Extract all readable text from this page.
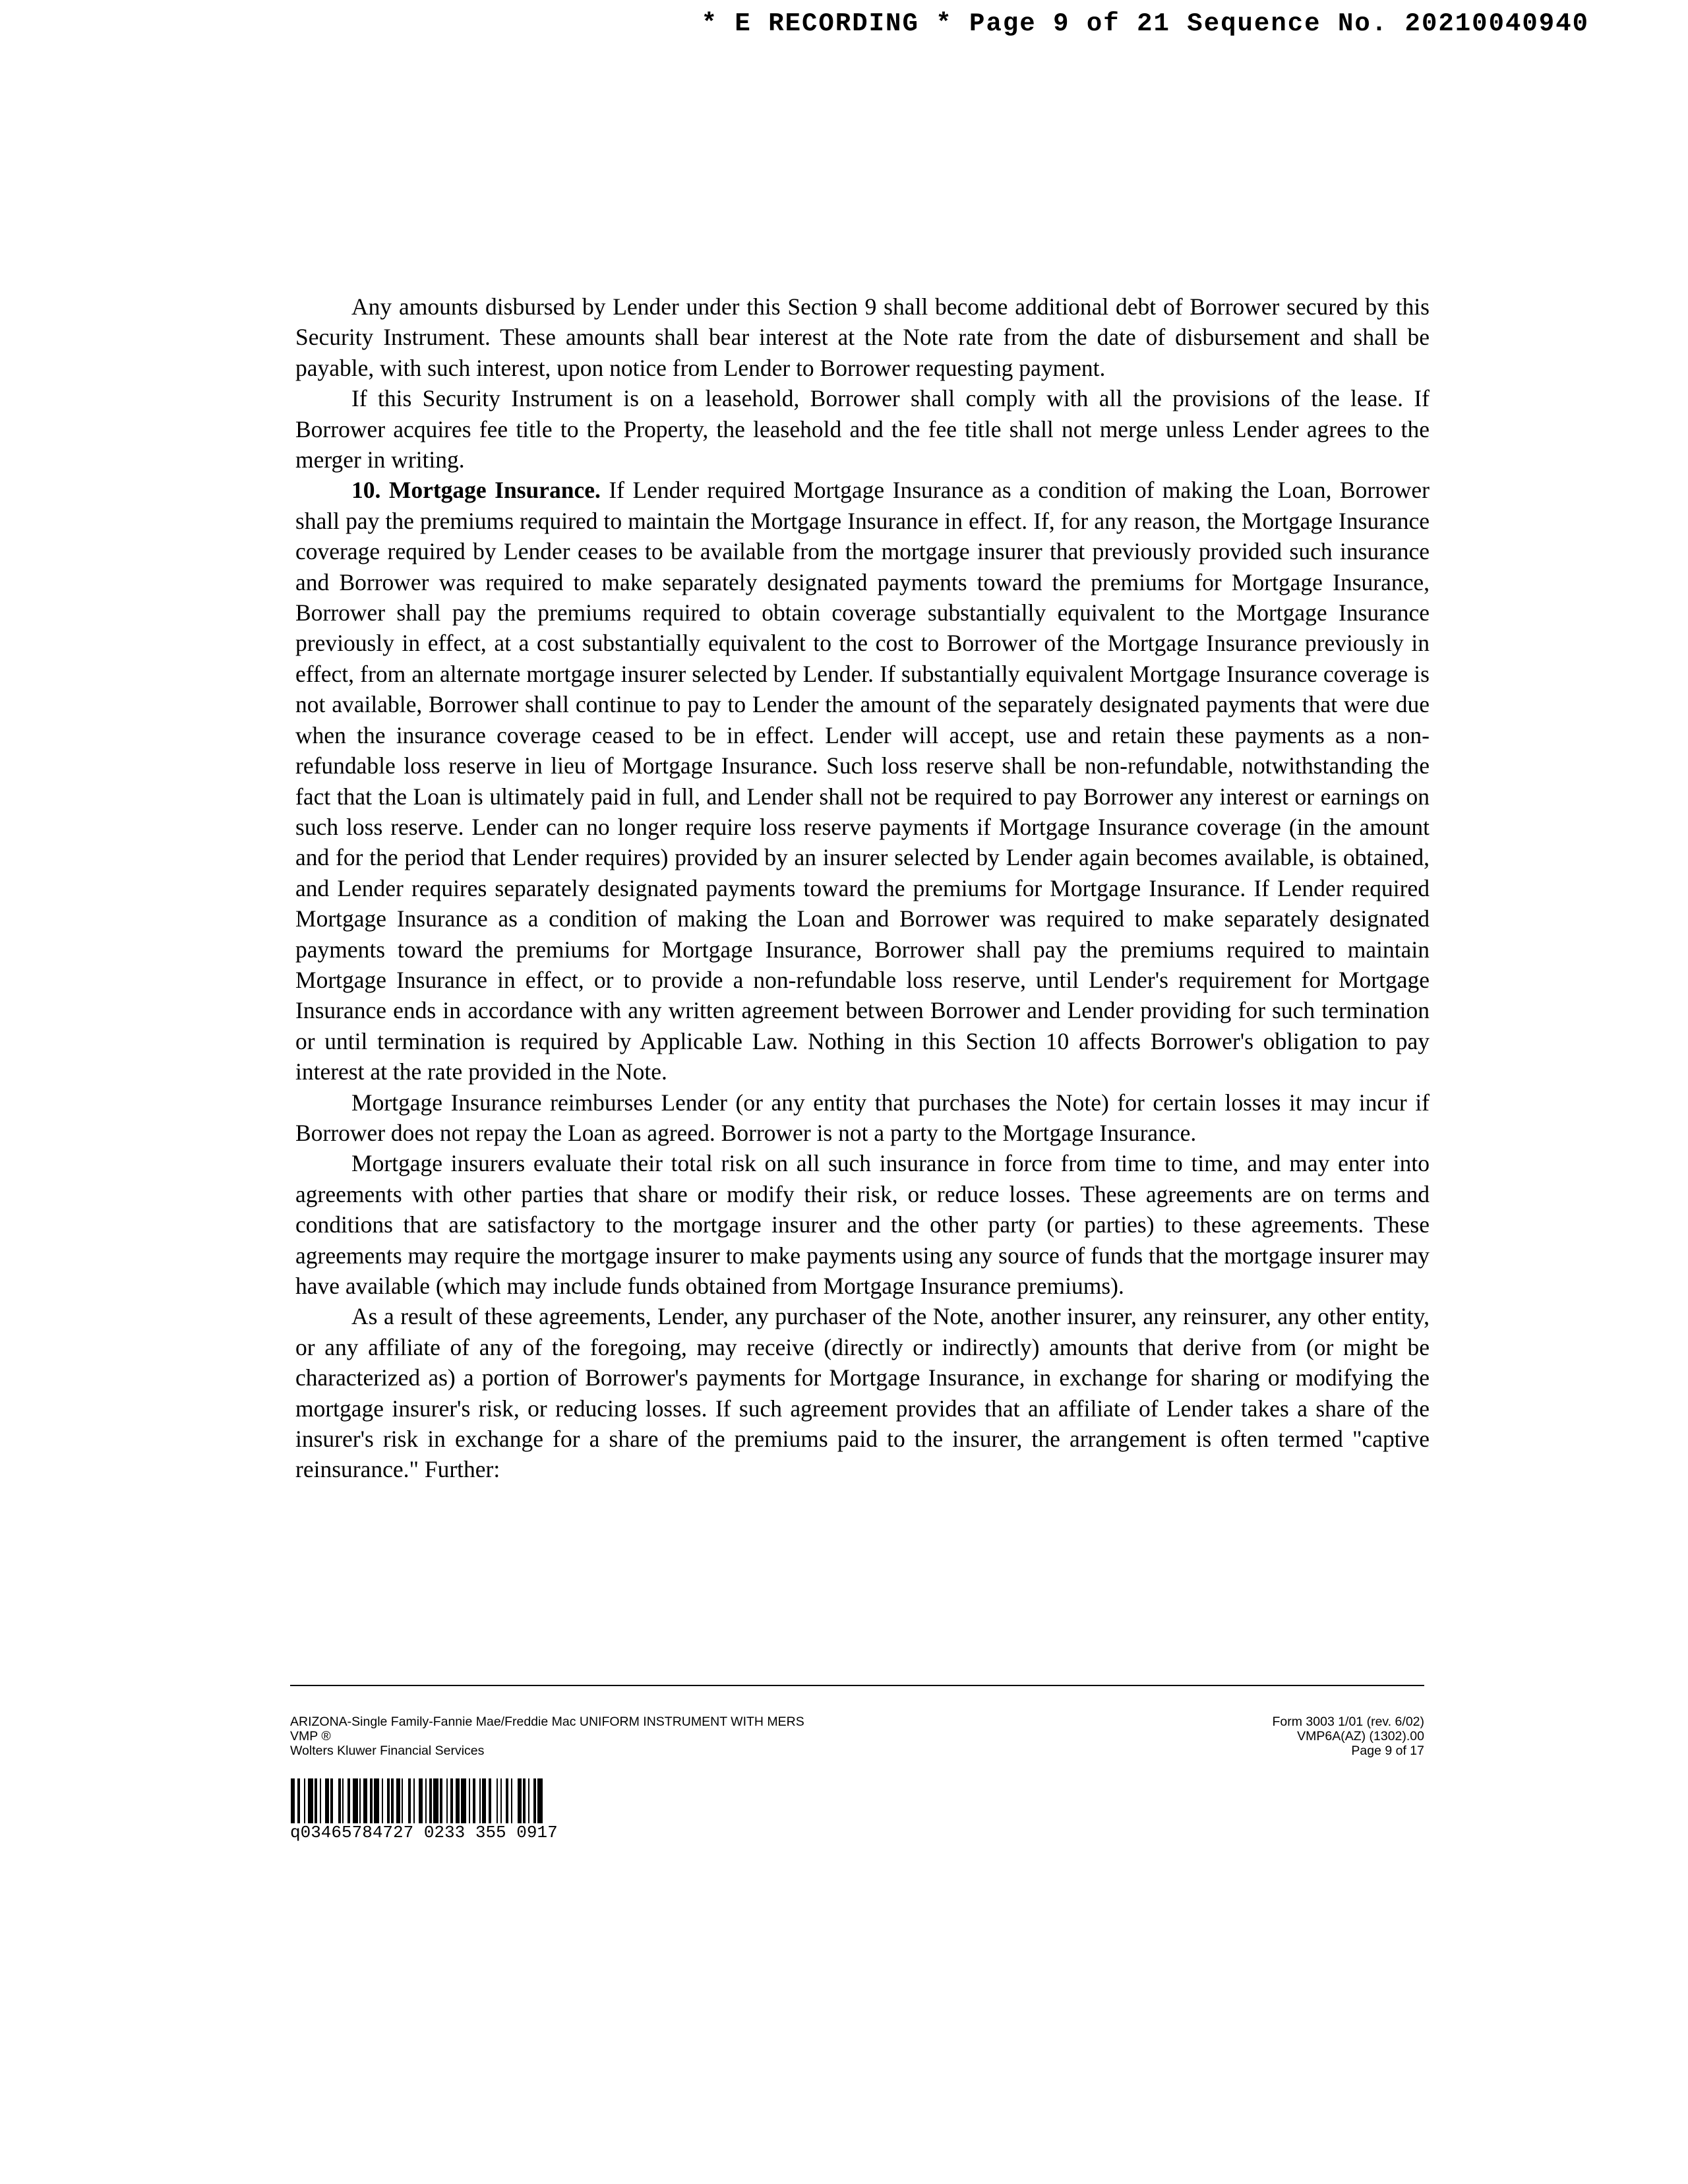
* E RECORDING * Page 9 of 21 Sequence No. 20210040940

Any amounts disbursed by Lender under this Section 9 shall become additional debt of Borrower secured by this Security Instrument. These amounts shall bear interest at the Note rate from the date of disbursement and shall be payable, with such interest, upon notice from Lender to Borrower requesting payment.

If this Security Instrument is on a leasehold, Borrower shall comply with all the provisions of the lease. If Borrower acquires fee title to the Property, the leasehold and the fee title shall not merge unless Lender agrees to the merger in writing.

10. Mortgage Insurance. If Lender required Mortgage Insurance as a condition of making the Loan, Borrower shall pay the premiums required to maintain the Mortgage Insurance in effect. If, for any reason, the Mortgage Insurance coverage required by Lender ceases to be available from the mortgage insurer that previously provided such insurance and Borrower was required to make separately designated payments toward the premiums for Mortgage Insurance, Borrower shall pay the premiums required to obtain coverage substantially equivalent to the Mortgage Insurance previously in effect, at a cost substantially equivalent to the cost to Borrower of the Mortgage Insurance previously in effect, from an alternate mortgage insurer selected by Lender. If substantially equivalent Mortgage Insurance coverage is not available, Borrower shall continue to pay to Lender the amount of the separately designated payments that were due when the insurance coverage ceased to be in effect. Lender will accept, use and retain these payments as a non-refundable loss reserve in lieu of Mortgage Insurance. Such loss reserve shall be non-refundable, notwithstanding the fact that the Loan is ultimately paid in full, and Lender shall not be required to pay Borrower any interest or earnings on such loss reserve. Lender can no longer require loss reserve payments if Mortgage Insurance coverage (in the amount and for the period that Lender requires) provided by an insurer selected by Lender again becomes available, is obtained, and Lender requires separately designated payments toward the premiums for Mortgage Insurance. If Lender required Mortgage Insurance as a condition of making the Loan and Borrower was required to make separately designated payments toward the premiums for Mortgage Insurance, Borrower shall pay the premiums required to maintain Mortgage Insurance in effect, or to provide a non-refundable loss reserve, until Lender's requirement for Mortgage Insurance ends in accordance with any written agreement between Borrower and Lender providing for such termination or until termination is required by Applicable Law. Nothing in this Section 10 affects Borrower's obligation to pay interest at the rate provided in the Note.

Mortgage Insurance reimburses Lender (or any entity that purchases the Note) for certain losses it may incur if Borrower does not repay the Loan as agreed. Borrower is not a party to the Mortgage Insurance.

Mortgage insurers evaluate their total risk on all such insurance in force from time to time, and may enter into agreements with other parties that share or modify their risk, or reduce losses. These agreements are on terms and conditions that are satisfactory to the mortgage insurer and the other party (or parties) to these agreements. These agreements may require the mortgage insurer to make payments using any source of funds that the mortgage insurer may have available (which may include funds obtained from Mortgage Insurance premiums).

As a result of these agreements, Lender, any purchaser of the Note, another insurer, any reinsurer, any other entity, or any affiliate of any of the foregoing, may receive (directly or indirectly) amounts that derive from (or might be characterized as) a portion of Borrower's payments for Mortgage Insurance, in exchange for sharing or modifying the mortgage insurer's risk, or reducing losses. If such agreement provides that an affiliate of Lender takes a share of the insurer's risk in exchange for a share of the premiums paid to the insurer, the arrangement is often termed "captive reinsurance." Further:

ARIZONA-Single Family-Fannie Mae/Freddie Mac UNIFORM INSTRUMENT WITH MERS
VMP ®
Wolters Kluwer Financial Services
Form 3003 1/01 (rev. 6/02)
VMP6A(AZ) (1302).00
Page 9 of 17
q03465784727 0233 355 0917
